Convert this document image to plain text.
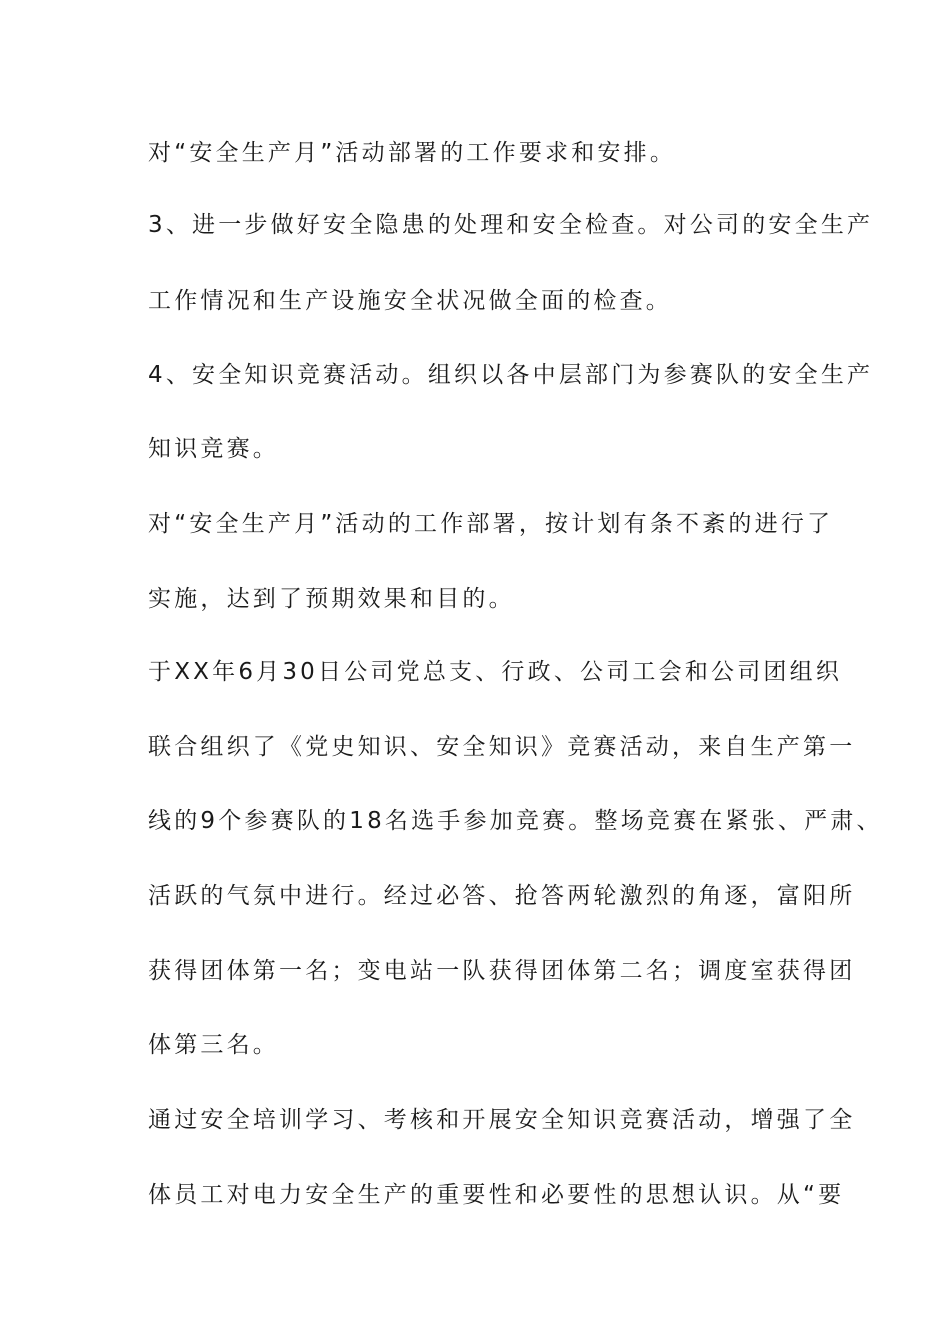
对“安全生产月”活动部署的工作要求和安排。
3、进一步做好安全隐患的处理和安全检查。对公司的安全生产
工作情况和生产设施安全状况做全面的检查。
4、安全知识竞赛活动。组织以各中层部门为参赛队的安全生产
知识竞赛。
对“安全生产月”活动的工作部署，按计划有条不紊的进行了
实施，达到了预期效果和目的。
于XX年6月30日公司党总支、行政、公司工会和公司团组织
联合组织了《党史知识、安全知识》竞赛活动，来自生产第一
线的9个参赛队的18名选手参加竞赛。整场竞赛在紧张、严肃、
活跃的气氛中进行。经过必答、抢答两轮激烈的角逐，富阳所
获得团体第一名；变电站一队获得团体第二名；调度室获得团
体第三名。
通过安全培训学习、考核和开展安全知识竞赛活动，增强了全
体员工对电力安全生产的重要性和必要性的思想认识。从“要
